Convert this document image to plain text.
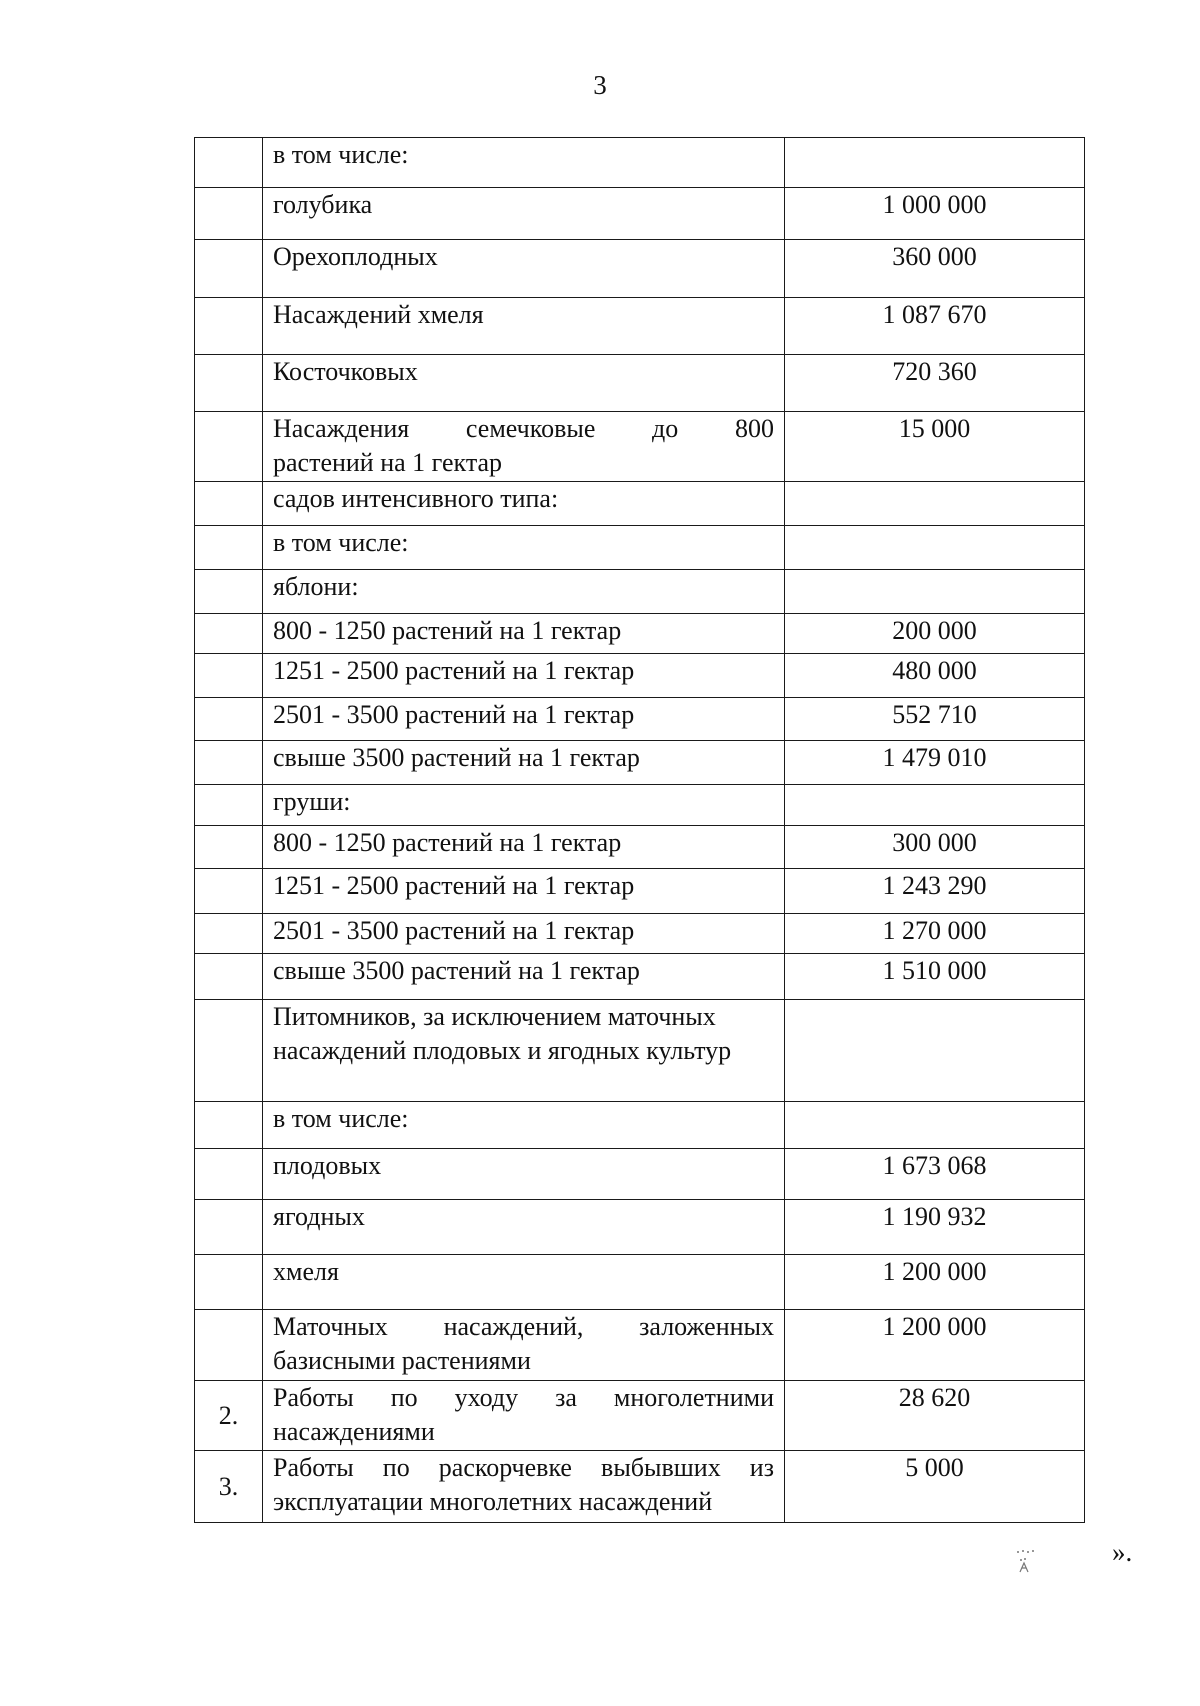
3
	в том числе:	
	голубика	1 000 000
	Орехоплодных	360 000
	Насаждений хмеля	1 087 670
	Косточковых	720 360

	Насаждения семечковые до 800
растений на 1 гектар	15 000
	садов интенсивного типа:	
	в том числе:	
	яблони:	
	800 - 1250 растений на 1 гектар	200 000
	1251 - 2500 растений на 1 гектар	480 000
	2501 - 3500 растений на 1 гектар	552 710
	свыше 3500 растений на 1 гектар	1 479 010
	груши:	
	800 - 1250 растений на 1 гектар	300 000
	1251 - 2500 растений на 1 гектар	1 243 290
	2501 - 3500 растений на 1 гектар	1 270 000
	свыше 3500 растений на 1 гектар	1 510 000
	Питомников, за исключением маточных насаждений плодовых и ягодных культур	
	в том числе:	
	плодовых	1 673 068
	ягодных	1 190 932
	хмеля	1 200 000

	Маточных насаждений, заложенных
базисными растениями	1 200 000
2.	Работы по уходу за многолетними
насаждениями	28 620
3.	Работы по раскорчевке выбывших из
эксплуатации многолетних насаждений	5 000
».
